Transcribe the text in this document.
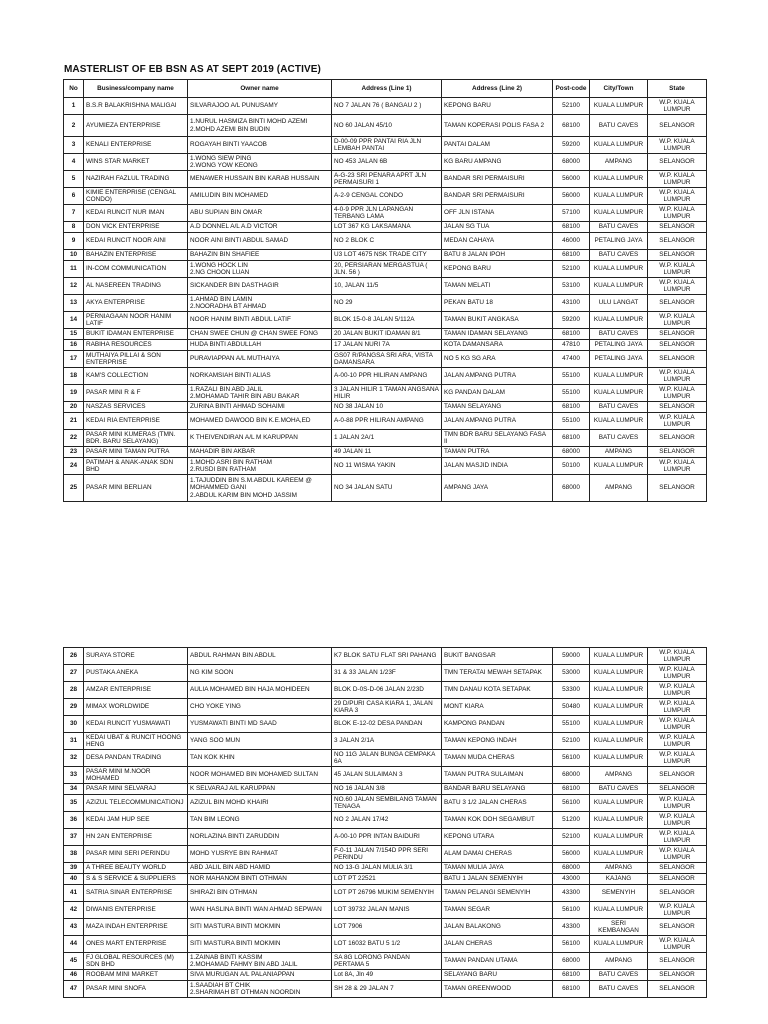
MASTERLIST OF EB BSN AS AT SEPT 2019 (ACTIVE)
No	Business/company name	Owner name	Address (Line 1)	Address (Line 2)	Post-code	City/Town	State
1	B.S.R BALAKRISHNA MALIGAI	SILVARAJOO A/L PUNUSAMY	NO 7 JALAN 76 ( BANGAU 2 )	KEPONG BARU	52100	KUALA LUMPUR	W.P. KUALA LUMPUR
2	AYUMIEZA ENTERPRISE	1.NURUL HASMIZA BINTI MOHD AZEMI
2.MOHD AZEMI BIN BUDIN	NO 60 JALAN 45/10	TAMAN KOPERASI POLIS FASA 2	68100	BATU CAVES	SELANGOR
3	KENALI ENTERPRISE	ROGAYAH BINTI YAACOB	D-00-09 PPR PANTAI RIA JLN LEMBAH PANTAI	PANTAI DALAM	59200	KUALA LUMPUR	W.P. KUALA LUMPUR
4	WINS STAR MARKET	1.WONG SIEW PING
2.WONG YOW KEONG	NO 453 JALAN 6B	KG BARU AMPANG	68000	AMPANG	SELANGOR
5	NAZIRAH FAZLUL TRADING	MENAWER HUSSAIN BIN KARAB HUSSAIN	A-G-23 SRI PENARA APRT JLN PERMAISURI 1	BANDAR SRI PERMAISURI	56000	KUALA LUMPUR	W.P. KUALA LUMPUR
6	KIMIE ENTERPRISE (CENGAL CONDO)	AMILUDIN BIN MOHAMED	A-2-9 CENGAL CONDO	BANDAR SRI PERMAISURI	56000	KUALA LUMPUR	W.P. KUALA LUMPUR
7	KEDAI RUNCIT NUR IMAN	ABU SUPIAN BIN OMAR	4-0-9 PPR JLN LAPANGAN TERBANG LAMA	OFF JLN ISTANA	57100	KUALA LUMPUR	W.P. KUALA LUMPUR
8	DON VICK ENTERPRISE	A.D DONNEL A/L A.D VICTOR	LOT 367 KG LAKSAMANA	JALAN SG TUA	68100	BATU CAVES	SELANGOR
9	KEDAI RUNCIT NOOR AINI	NOOR AINI BINTI ABDUL SAMAD	NO 2 BLOK C	MEDAN CAHAYA	46000	PETALING JAYA	SELANGOR
10	BAHAZIN ENTERPRISE	BAHAZIN BIN SHAFIEE	U3 LOT 4675 NSK TRADE CITY	BATU 8 JALAN IPOH	68100	BATU CAVES	SELANGOR
11	IN-COM COMMUNICATION	1.WONG HOCK LIN
2.NG CHOON LUAN	20, PERSIARAN MERGASTUA ( JLN. 56 )	KEPONG BARU	52100	KUALA LUMPUR	W.P. KUALA LUMPUR
12	AL NASEREEN TRADING	SICKANDER BIN DASTHAGIR	10, JALAN 11/5	TAMAN MELATI	53100	KUALA LUMPUR	W.P. KUALA LUMPUR
13	AKYA ENTERPRISE	1.AHMAD BIN LAMIN
2.NOORADHA BT AHMAD	NO 29	PEKAN BATU 18	43100	ULU LANGAT	SELANGOR
14	PERNIAGAAN NOOR HANIM LATIF	NOOR HANIM BINTI ABDUL LATIF	BLOK 15-0-8 JALAN 5/112A	TAMAN BUKIT ANGKASA	59200	KUALA LUMPUR	W.P. KUALA LUMPUR
15	BUKIT IDAMAN ENTERPRISE	CHAN SWEE CHUN @ CHAN SWEE FONG	20 JALAN BUKIT IDAMAN 8/1	TAMAN IDAMAN SELAYANG	68100	BATU CAVES	SELANGOR
16	RABIHA RESOURCES	HUDA BINTI ABDULLAH	17 JALAN NURI 7A	KOTA DAMANSARA	47810	PETALING JAYA	SELANGOR
17	MUTHAIYA PILLAI & SON ENTERPRISE	PURAVIAPPAN A/L MUTHAIYA	GS07 R/PANGSA SRI ARA, VISTA DAMANSARA	NO 5 KG SG ARA	47400	PETALING JAYA	SELANGOR
18	KAM'S COLLECTION	NORKAMSIAH BINTI ALIAS	A-00-10 PPR HILIRAN AMPANG	JALAN AMPANG PUTRA	55100	KUALA LUMPUR	W.P. KUALA LUMPUR
19	PASAR MINI R & F	1.RAZALI BIN ABD JALIL
2.MOHAMAD TAHIR BIN ABU BAKAR	3 JALAN HILIR 1 TAMAN ANGSANA HILIR	KG PANDAN DALAM	55100	KUALA LUMPUR	W.P. KUALA LUMPUR
20	NASZAS SERVICES	ZURINA BINTI AHMAD SOHAIMI	NO 38 JALAN 10	TAMAN SELAYANG	68100	BATU CAVES	SELANGOR
21	KEDAI RIA ENTERPRISE	MOHAMED DAWOOD BIN K.E.MOHA,ED	A-0-88 PPR HILIRAN AMPANG	JALAN AMPANG PUTRA	55100	KUALA LUMPUR	W.P. KUALA LUMPUR
22	PASAR MINI KUMERAS (TMN. BDR. BARU SELAYANG)	K THEIVENDIRAN A/L M KARUPPAN	1 JALAN 2A/1	TMN BDR BARU SELAYANG FASA II	68100	BATU CAVES	SELANGOR
23	PASAR MINI TAMAN PUTRA	MAHADIR BIN AKBAR	49 JALAN 11	TAMAN PUTRA	68000	AMPANG	SELANGOR
24	PATIMAH & ANAK-ANAK SDN BHD	1.MOHD ASRI BIN RATHAM
2.RUSDI BIN RATHAM	NO 11 WISMA YAKIN	JALAN MASJID INDIA	50100	KUALA LUMPUR	W.P. KUALA LUMPUR
25	PASAR MINI BERLIAN	1.TAJUDDIN BIN S.M.ABDUL KAREEM @ MOHAMMED GANI
2.ABDUL KARIM BIN MOHD JASSIM	NO 34 JALAN SATU	AMPANG JAYA	68000	AMPANG	SELANGOR
26	SURAYA STORE	ABDUL RAHMAN BIN ABDUL	K7 BLOK SATU FLAT SRI PAHANG	BUKIT BANGSAR	59000	KUALA LUMPUR	W.P. KUALA LUMPUR
27	PUSTAKA ANEKA	NG KIM SOON	31 & 33 JALAN 1/23F	TMN TERATAI MEWAH SETAPAK	53000	KUALA LUMPUR	W.P. KUALA LUMPUR
28	AMZAR ENTERPRISE	AULIA MOHAMED BIN HAJA MOHIDEEN	BLOK D-0S-D-06 JALAN 2/23D	TMN DANAU KOTA SETAPAK	53300	KUALA LUMPUR	W.P. KUALA LUMPUR
29	MIMAX WORLDWIDE	CHO YOKE YING	29 D/PURI CASA KIARA 1, JALAN KIARA 3	MONT KIARA	50480	KUALA LUMPUR	W.P. KUALA LUMPUR
30	KEDAI RUNCIT YUSMAWATI	YUSMAWATI BINTI MD SAAD	BLOK E-12-02 DESA PANDAN	KAMPONG PANDAN	55100	KUALA LUMPUR	W.P. KUALA LUMPUR
31	KEDAI UBAT & RUNCIT HOONG HENG	YANG SOO MUN	3 JALAN 2/1A	TAMAN KEPONG INDAH	52100	KUALA LUMPUR	W.P. KUALA LUMPUR
32	DESA PANDAN TRADING	TAN KOK KHIN	NO 11G JALAN BUNGA CEMPAKA 6A	TAMAN MUDA CHERAS	56100	KUALA LUMPUR	W.P. KUALA LUMPUR
33	PASAR MINI M.NOOR MOHAMED	NOOR MOHAMED BIN MOHAMED SULTAN	45 JALAN SULAIMAN 3	TAMAN PUTRA SULAIMAN	68000	AMPANG	SELANGOR
34	PASAR MINI SELVARAJ	K SELVARAJ A/L KARUPPAN	NO 16 JALAN 3/8	BANDAR BARU SELAYANG	68100	BATU CAVES	SELANGOR
35	AZIZUL TELECOMMUNICATIONJ	AZIZUL BIN MOHD KHAIRI	NO.60 JALAN SEMBILANG TAMAN TENAGA	BATU 3 1/2 JALAN CHERAS	56100	KUALA LUMPUR	W.P. KUALA LUMPUR
36	KEDAI JAM HUP SEE	TAN BIM LEONG	NO 2 JALAN 17/42	TAMAN KOK DOH SEGAMBUT	51200	KUALA LUMPUR	W.P. KUALA LUMPUR
37	HN 2AN ENTERPRISE	NORLAZINA BINTI ZARUDDIN	A-00-10 PPR INTAN BAIDURI	KEPONG UTARA	52100	KUALA LUMPUR	W.P. KUALA LUMPUR
38	PASAR MINI SERI PERINDU	MOHD YUSRYE BIN RAHMAT	F-0-11 JALAN 7/154D PPR SERI PERINDU	ALAM DAMAI CHERAS	56000	KUALA LUMPUR	W.P. KUALA LUMPUR
39	A THREE BEAUTY WORLD	ABD JALIL BIN ABD HAMID	NO 13-G JALAN MULIA 3/1	TAMAN MULIA JAYA	68000	AMPANG	SELANGOR
40	S & S SERVICE & SUPPLIERS	NOR MAHANOM BINTI OTHMAN	LOT PT 22521	BATU 1 JALAN SEMENYIH	43000	KAJANG	SELANGOR
41	SATRIA SINAR ENTERPRISE	SHIRAZI BIN OTHMAN	LOT PT 26796 MUKIM SEMENYIH	TAMAN PELANGI SEMENYIH	43300	SEMENYIH	SELANGOR
42	DIWANIS ENTERPRISE	WAN HASLINA BINTI WAN AHMAD SEPWAN	LOT 39732 JALAN MANIS	TAMAN SEGAR	56100	KUALA LUMPUR	W.P. KUALA LUMPUR
43	MAZA INDAH ENTERPRISE	SITI MASTURA BINTI MOKMIN	LOT 7906	JALAN BALAKONG	43300	SERI KEMBANGAN	SELANGOR
44	ONES MART ENTERPRISE	SITI MASTURA BINTI MOKMIN	LOT 16032 BATU 5 1/2	JALAN CHERAS	56100	KUALA LUMPUR	W.P. KUALA LUMPUR
45	FJ GLOBAL RESOURCES (M) SDN BHD	1.ZAINAB BINTI KASSIM
2.MOHAMAD FAHMY BIN ABD JALIL	SA 8G LORONG PANDAN PERTAMA 5	TAMAN PANDAN UTAMA	68000	AMPANG	SELANGOR
46	ROOBAM MINI MARKET	SIVA MURUGAN A/L PALANIAPPAN	Lot 8A, Jln 49	SELAYANG BARU	68100	BATU CAVES	SELANGOR
47	PASAR MINI SNOFA	1.SAADIAH BT CHIK
2.SHARIMAH BT OTHMAN NOORDIN	SH 28 & 29 JALAN 7	TAMAN GREENWOOD	68100	BATU CAVES	SELANGOR
